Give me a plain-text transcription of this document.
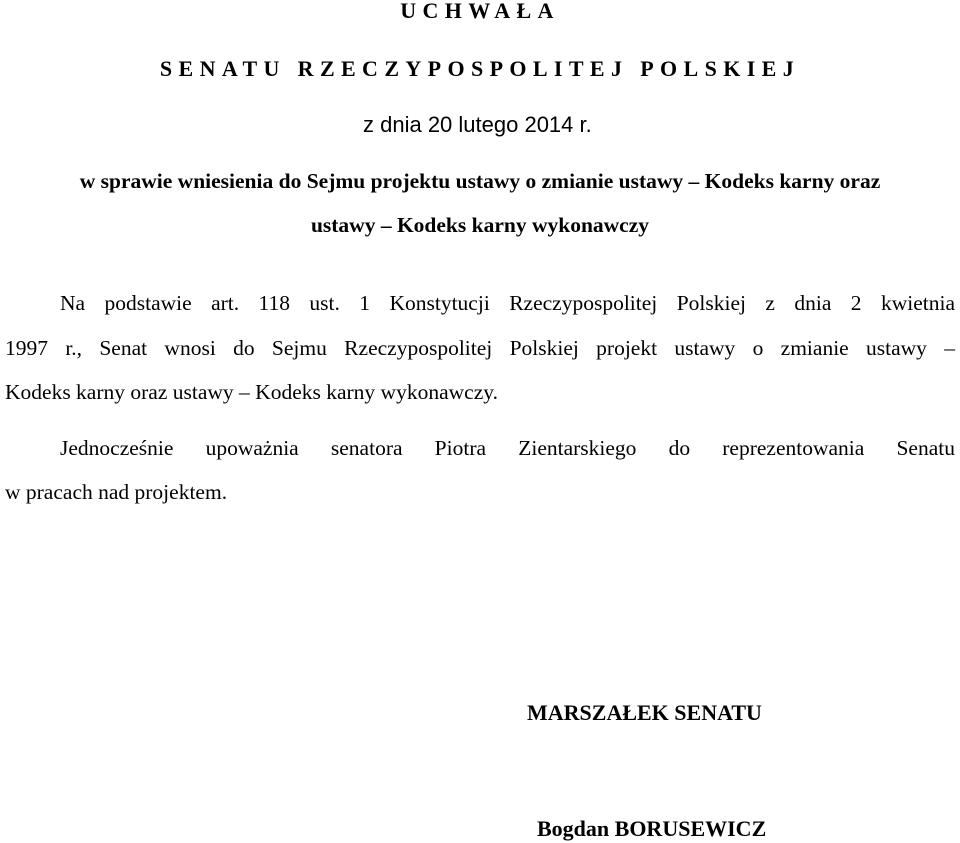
UCHWAŁA
SENATU RZECZYPOSPOLITEJ POLSKIEJ
z dnia 20 lutego 2014 r.
w sprawie wniesienia do Sejmu projektu ustawy o zmianie ustawy – Kodeks karny oraz
ustawy – Kodeks karny wykonawczy
Na podstawie art. 118 ust. 1 Konstytucji Rzeczypospolitej Polskiej z dnia 2 kwietnia
1997 r., Senat wnosi do Sejmu Rzeczypospolitej Polskiej projekt ustawy o zmianie ustawy –
Kodeks karny oraz ustawy – Kodeks karny wykonawczy.
Jednocześnie upoważnia senatora Piotra Zientarskiego do reprezentowania Senatu
w pracach nad projektem.
MARSZAŁEK SENATU
Bogdan BORUSEWICZ
